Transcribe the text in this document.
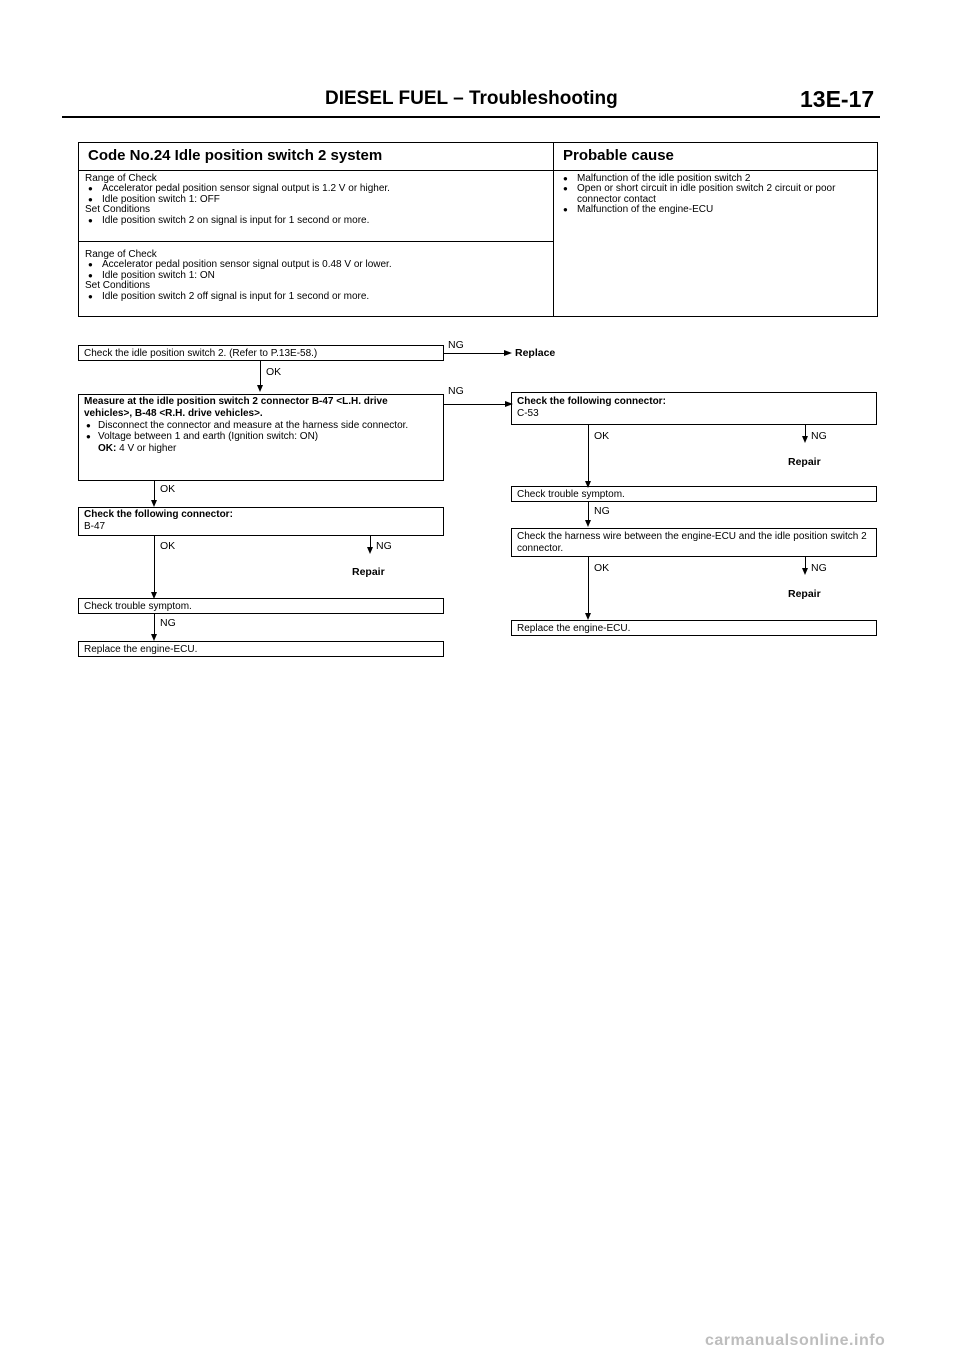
DIESEL FUEL – Troubleshooting	13E-17
Code No.24 Idle position switch 2 system	Probable cause
Range of Check
● Accelerator pedal position sensor signal output is 1.2 V or higher.
● Idle position switch 1: OFF
Set Conditions
● Idle position switch 2 on signal is input for 1 second or more.
Range of Check
● Accelerator pedal position sensor signal output is 0.48 V or lower.
● Idle position switch 1: ON
Set Conditions
● Idle position switch 2 off signal is input for 1 second or more.
● Malfunction of the idle position switch 2
● Open or short circuit in idle position switch 2 circuit or poor connector contact
● Malfunction of the engine-ECU
Check the idle position switch 2. (Refer to P.13E-58.)
NG
Replace
OK
Measure at the idle position switch 2 connector B-47 <L.H. drive vehicles>, B-48 <R.H. drive vehicles>.
● Disconnect the connector and measure at the harness side connector.
● Voltage between 1 and earth (Ignition switch: ON)
OK: 4 V or higher
NG
OK
Check the following connector:
B-47
OK	NG
Repair
Check trouble symptom.
NG
Replace the engine-ECU.
Check the following connector:
C-53
OK	NG
Repair
Check trouble symptom.
NG
Check the harness wire between the engine-ECU and the idle position switch 2 connector.
OK	NG
Repair
Replace the engine-ECU.
carmanualsonline.info
